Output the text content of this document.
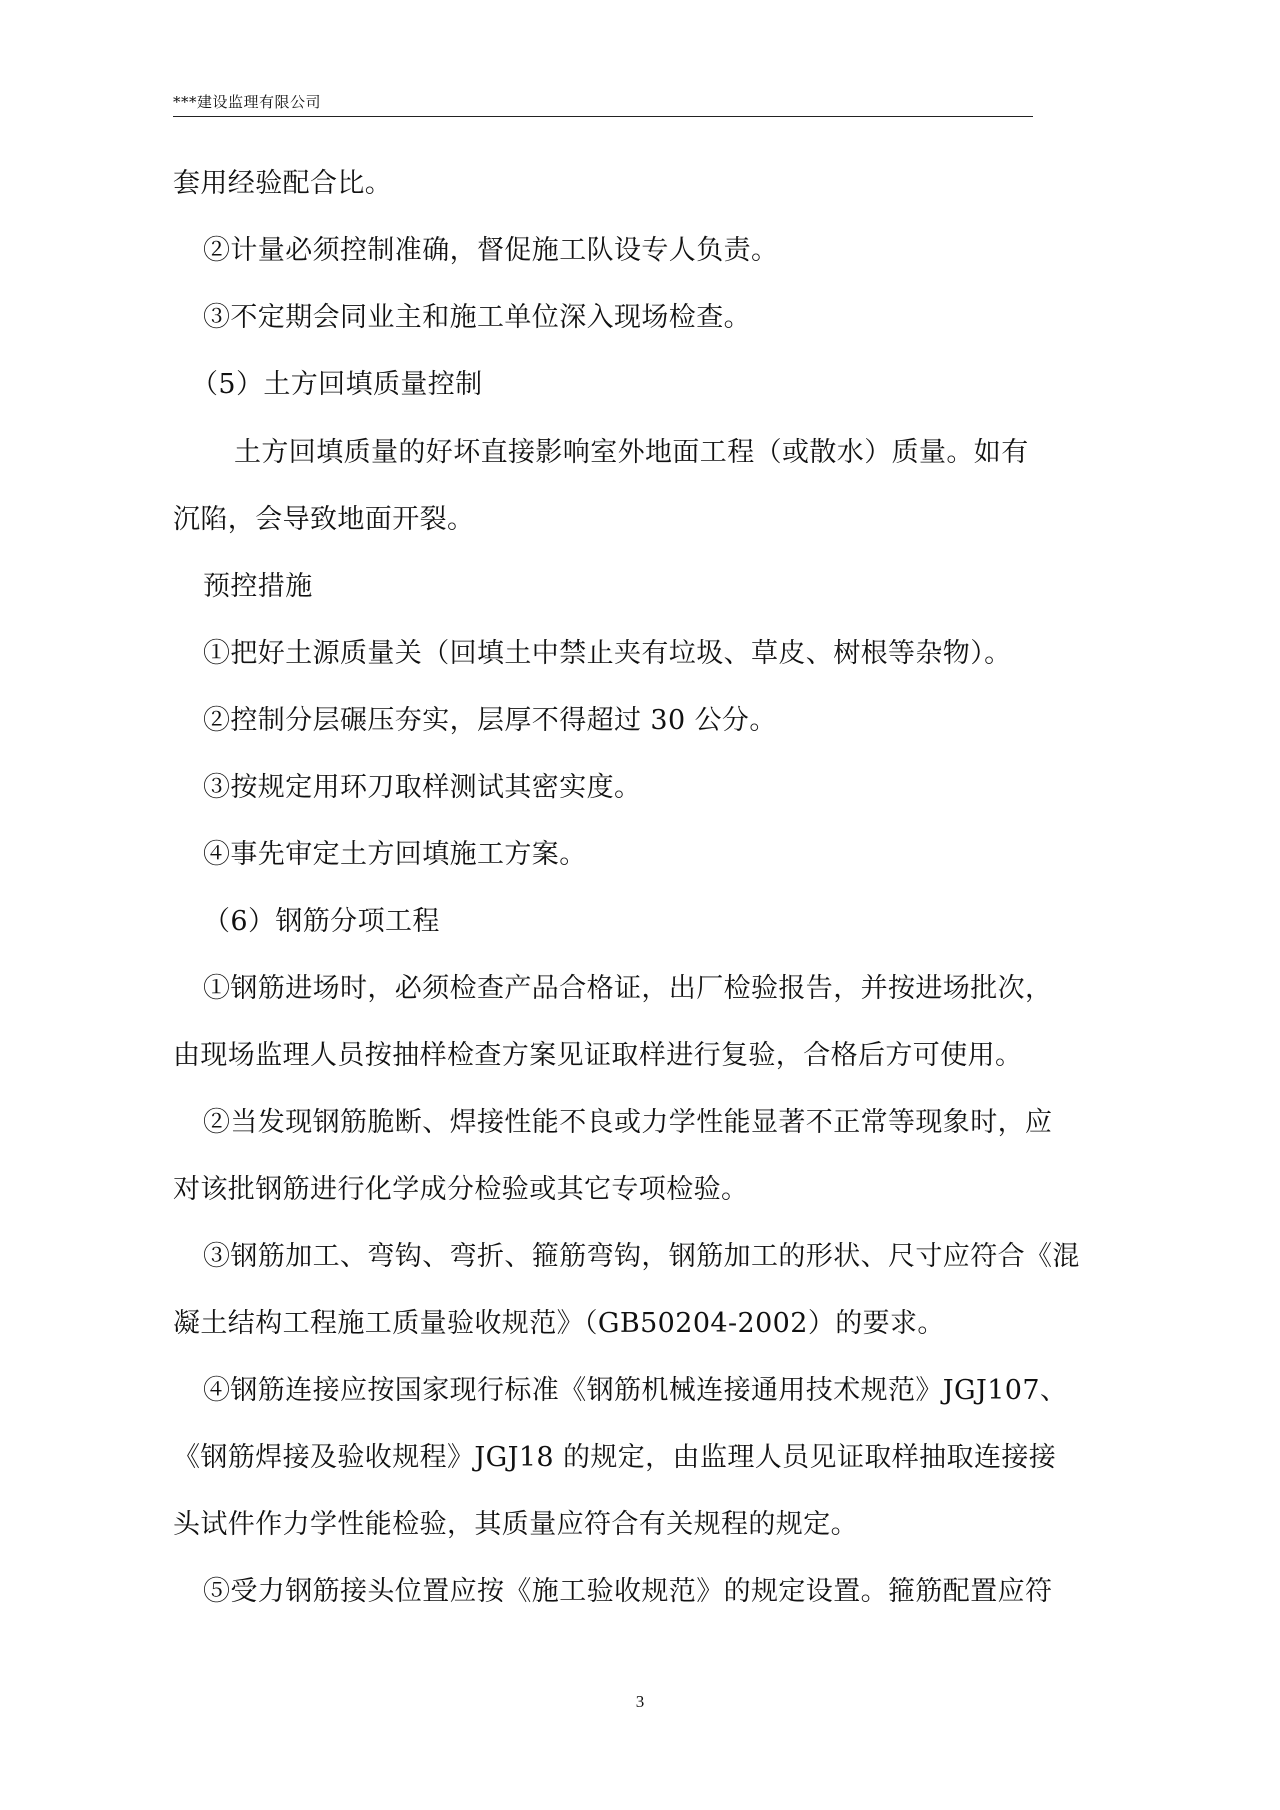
***建设监理有限公司
套用经验配合比。
②计量必须控制准确，督促施工队设专人负责。
③不定期会同业主和施工单位深入现场检查。
（5）土方回填质量控制
土方回填质量的好坏直接影响室外地面工程（或散水）质量。如有
沉陷，会导致地面开裂。
预控措施
①把好土源质量关（回填土中禁止夹有垃圾、草皮、树根等杂物）。
②控制分层碾压夯实，层厚不得超过 30 公分。
③按规定用环刀取样测试其密实度。
④事先审定土方回填施工方案。
（6）钢筋分项工程
①钢筋进场时，必须检查产品合格证，出厂检验报告，并按进场批次，
由现场监理人员按抽样检查方案见证取样进行复验，合格后方可使用。
②当发现钢筋脆断、焊接性能不良或力学性能显著不正常等现象时，应
对该批钢筋进行化学成分检验或其它专项检验。
③钢筋加工、弯钩、弯折、箍筋弯钩，钢筋加工的形状、尺寸应符合《混
凝土结构工程施工质量验收规范》（GB50204-2002）的要求。
④钢筋连接应按国家现行标准《钢筋机械连接通用技术规范》JGJ107、
《钢筋焊接及验收规程》JGJ18 的规定，由监理人员见证取样抽取连接接
头试件作力学性能检验，其质量应符合有关规程的规定。
⑤受力钢筋接头位置应按《施工验收规范》的规定设置。箍筋配置应符
3
